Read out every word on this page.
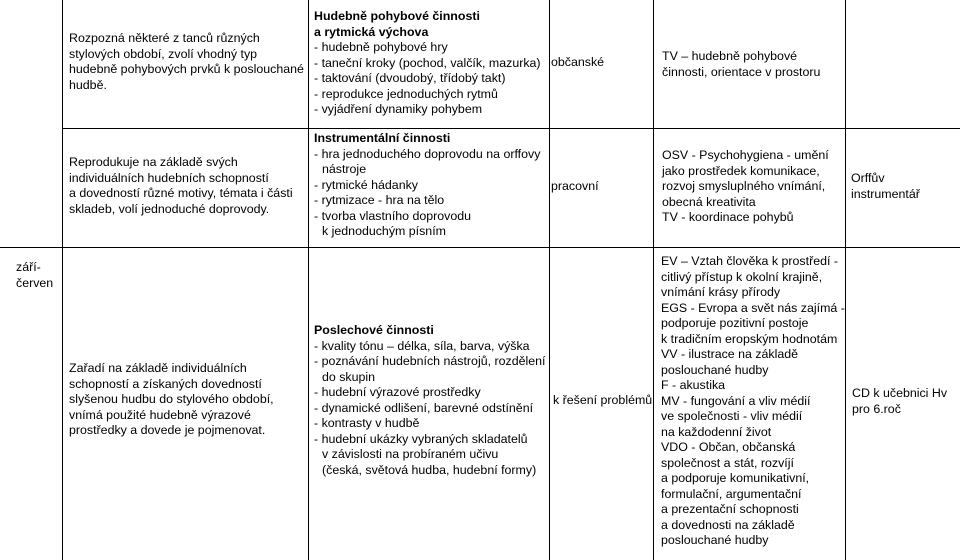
Rozpozná některé z tanců různých
stylových období, zvolí vhodný typ
hudebně pohybových prvků k poslouchané
hudbě.
Hudebně pohybové činnosti
a rytmická výchova
- hudebně pohybové hry
- taneční kroky (pochod, valčík, mazurka)
- taktování (dvoudobý, třídobý takt)
- reprodukce jednoduchých rytmů
- vyjádření dynamiky pohybem
občanské	TV – hudebně pohybové
činnosti, orientace v prostoru
Reprodukuje na základě svých
individuálních hudebních schopností
a dovedností různé motivy, témata i části
skladeb, volí jednoduché doprovody.
Instrumentální činnosti
- hra jednoduchého doprovodu na orffovy
nástroje
- rytmické hádanky
- rytmizace - hra na tělo
- tvorba vlastního doprovodu
k jednoduchým písním
pracovní
OSV - Psychohygiena - umění
jako prostředek komunikace,
rozvoj smysluplného vnímání,
obecná kreativita
TV - koordinace pohybů
Orffův
instrumentář
září-
červen
Zařadí na základě individuálních
schopností a získaných dovedností
slyšenou hudbu do stylového období,
vnímá použité hudebně výrazové
prostředky a dovede je pojmenovat.
Poslechové činnosti
- kvality tónu – délka, síla, barva, výška
- poznávání hudebních nástrojů, rozdělení
do skupin
- hudební výrazové prostředky
- dynamické odlišení, barevné odstínění
- kontrasty v hudbě
- hudební ukázky vybraných skladatelů
v závislosti na probíraném učivu
(česká, světová hudba, hudební formy)
k řešení problémů
EV – Vztah člověka k prostředí -
citlivý přístup k okolní krajině,
vnímání krásy přírody
EGS - Evropa a svět nás zajímá -
podporuje pozitivní postoje
k tradičním eropským hodnotám
VV - ilustrace na základě
poslouchané hudby
F - akustika
MV - fungování a vliv médií
ve společnosti - vliv médií
na každodenní život
VDO - Občan, občanská
společnost a stát, rozvíjí
a podporuje komunikativní,
formulační, argumentační
a prezentační schopnosti
a dovednosti na základě
poslouchané hudby
CD k učebnici Hv
pro 6.roč
